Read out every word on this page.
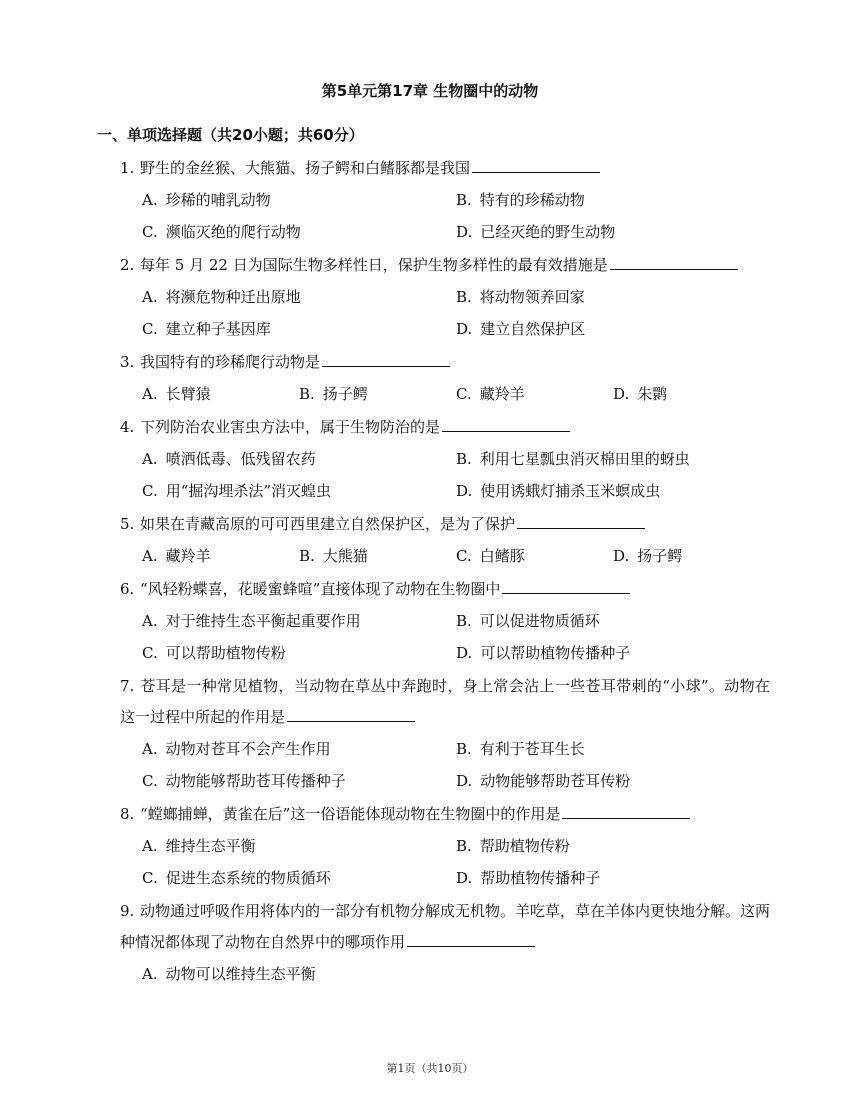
第5单元第17章 生物圈中的动物
一、单项选择题（共20小题；共60分）
1. 野生的金丝猴、大熊猫、扬子鳄和白鳍豚都是我国
A. 珍稀的哺乳动物	B. 特有的珍稀动物
C. 濒临灭绝的爬行动物	D. 已经灭绝的野生动物
2. 每年 5 月 22 日为国际生物多样性日，保护生物多样性的最有效措施是
A. 将濒危物种迁出原地	B. 将动物领养回家
C. 建立种子基因库	D. 建立自然保护区
3. 我国特有的珍稀爬行动物是
A. 长臂猿	B. 扬子鳄	C. 藏羚羊	D. 朱鹮
4. 下列防治农业害虫方法中，属于生物防治的是
A. 喷洒低毒、低残留农药	B. 利用七星瓢虫消灭棉田里的蚜虫
C. 用“掘沟埋杀法”消灭蝗虫	D. 使用诱蛾灯捕杀玉米螟成虫
5. 如果在青藏高原的可可西里建立自然保护区，是为了保护
A. 藏羚羊	B. 大熊猫	C. 白鳍豚	D. 扬子鳄
6. “风轻粉蝶喜，花暖蜜蜂喧”直接体现了动物在生物圈中
A. 对于维持生态平衡起重要作用	B. 可以促进物质循环
C. 可以帮助植物传粉	D. 可以帮助植物传播种子
7. 苍耳是一种常见植物，当动物在草丛中奔跑时，身上常会沾上一些苍耳带刺的“小球”。动物在这一过程中所起的作用是
A. 动物对苍耳不会产生作用	B. 有利于苍耳生长
C. 动物能够帮助苍耳传播种子	D. 动物能够帮助苍耳传粉
8. “螳螂捕蝉，黄雀在后”这一俗语能体现动物在生物圈中的作用是
A. 维持生态平衡	B. 帮助植物传粉
C. 促进生态系统的物质循环	D. 帮助植物传播种子
9. 动物通过呼吸作用将体内的一部分有机物分解成无机物。羊吃草，草在羊体内更快地分解。这两种情况都体现了动物在自然界中的哪项作用
A. 动物可以维持生态平衡
第1页（共10页）
